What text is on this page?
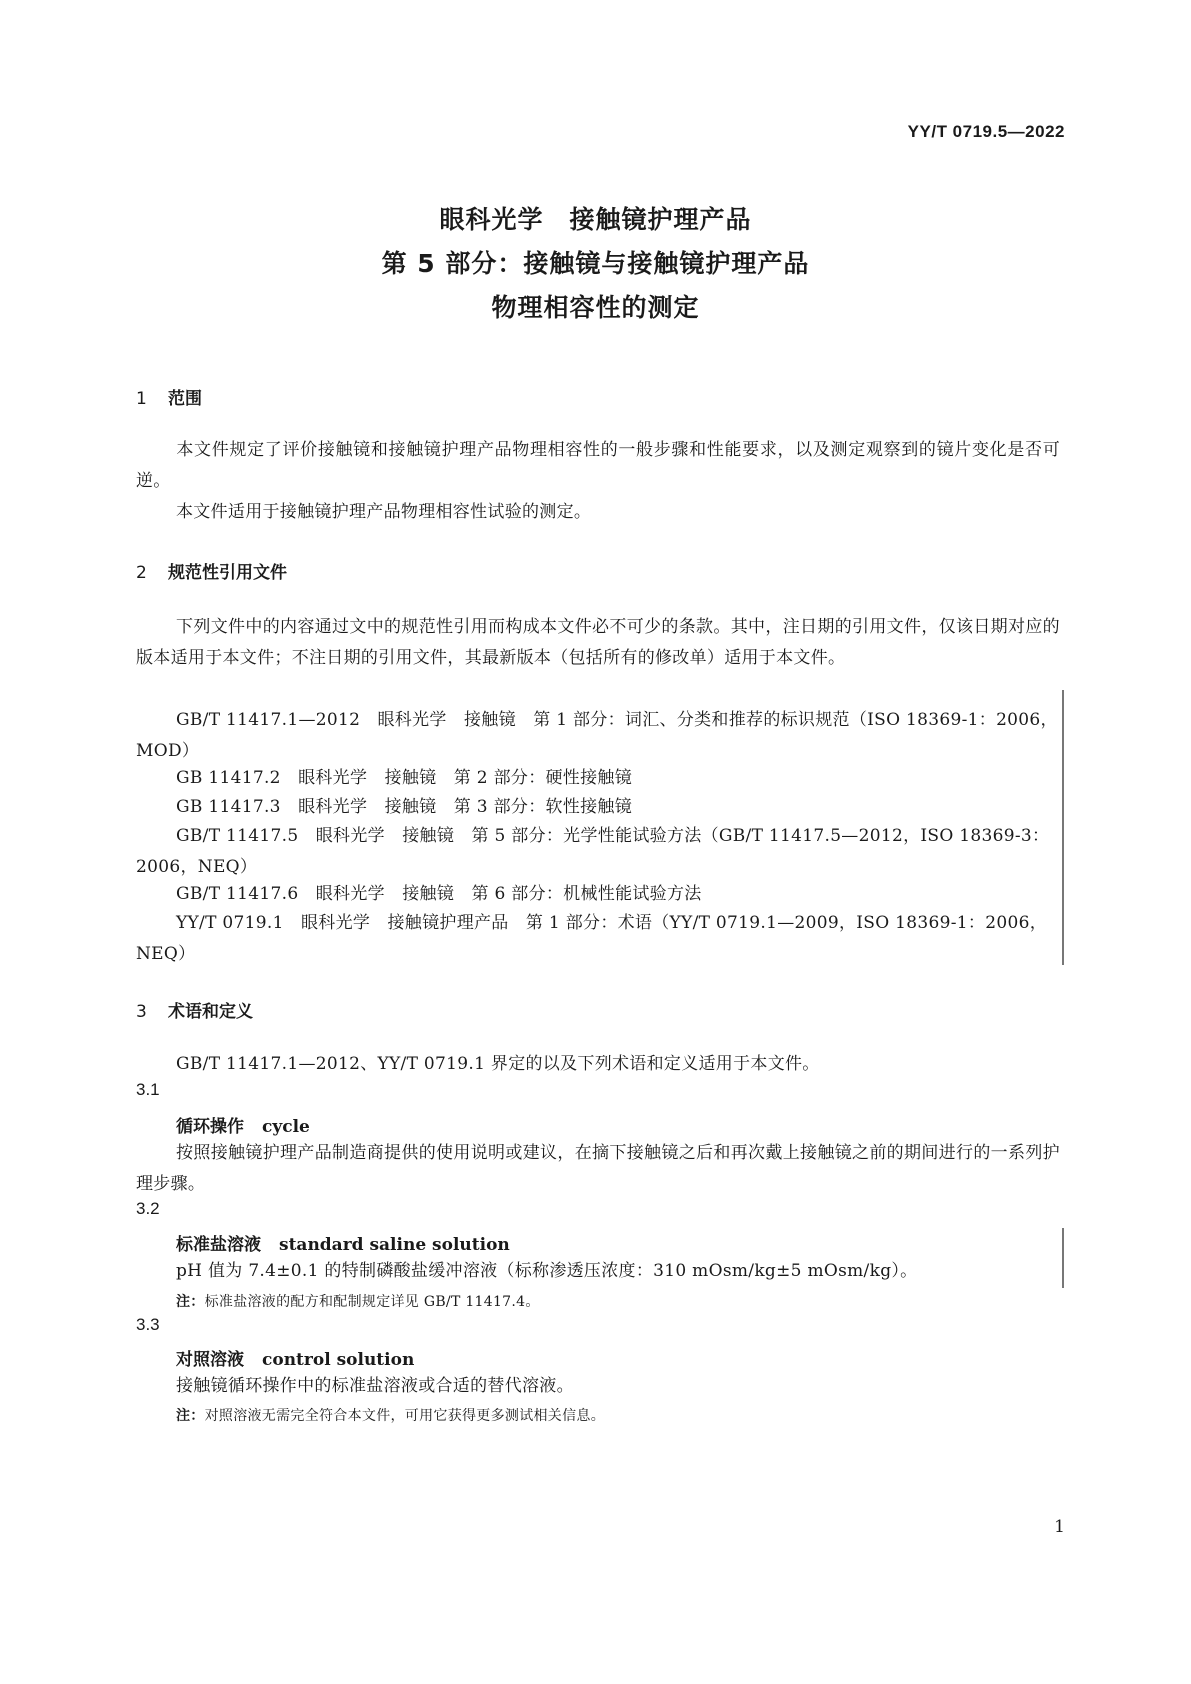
YY/T 0719.5—2022
眼科光学　接触镜护理产品
第 5 部分：接触镜与接触镜护理产品
物理相容性的测定
1 范围
本文件规定了评价接触镜和接触镜护理产品物理相容性的一般步骤和性能要求，以及测定观察到的镜片变化是否可逆。
本文件适用于接触镜护理产品物理相容性试验的测定。
2 规范性引用文件
下列文件中的内容通过文中的规范性引用而构成本文件必不可少的条款。其中，注日期的引用文件，仅该日期对应的版本适用于本文件；不注日期的引用文件，其最新版本（包括所有的修改单）适用于本文件。
GB/T 11417.1—2012　眼科光学　接触镜　第 1 部分：词汇、分类和推荐的标识规范（ISO 18369-1：2006，MOD）
GB 11417.2　眼科光学　接触镜　第 2 部分：硬性接触镜
GB 11417.3　眼科光学　接触镜　第 3 部分：软性接触镜
GB/T 11417.5　眼科光学　接触镜　第 5 部分：光学性能试验方法（GB/T 11417.5—2012，ISO 18369-3：2006，NEQ）
GB/T 11417.6　眼科光学　接触镜　第 6 部分：机械性能试验方法
YY/T 0719.1　眼科光学　接触镜护理产品　第 1 部分：术语（YY/T 0719.1—2009，ISO 18369-1：2006，NEQ）
3 术语和定义
GB/T 11417.1—2012、YY/T 0719.1 界定的以及下列术语和定义适用于本文件。
3.1
循环操作 cycle
按照接触镜护理产品制造商提供的使用说明或建议，在摘下接触镜之后和再次戴上接触镜之前的期间进行的一系列护理步骤。
3.2
标准盐溶液 standard saline solution
pH 值为 7.4±0.1 的特制磷酸盐缓冲溶液（标称渗透压浓度：310 mOsm/kg±5 mOsm/kg）。
注：标准盐溶液的配方和配制规定详见 GB/T 11417.4。
3.3
对照溶液 control solution
接触镜循环操作中的标准盐溶液或合适的替代溶液。
注：对照溶液无需完全符合本文件，可用它获得更多测试相关信息。
1
